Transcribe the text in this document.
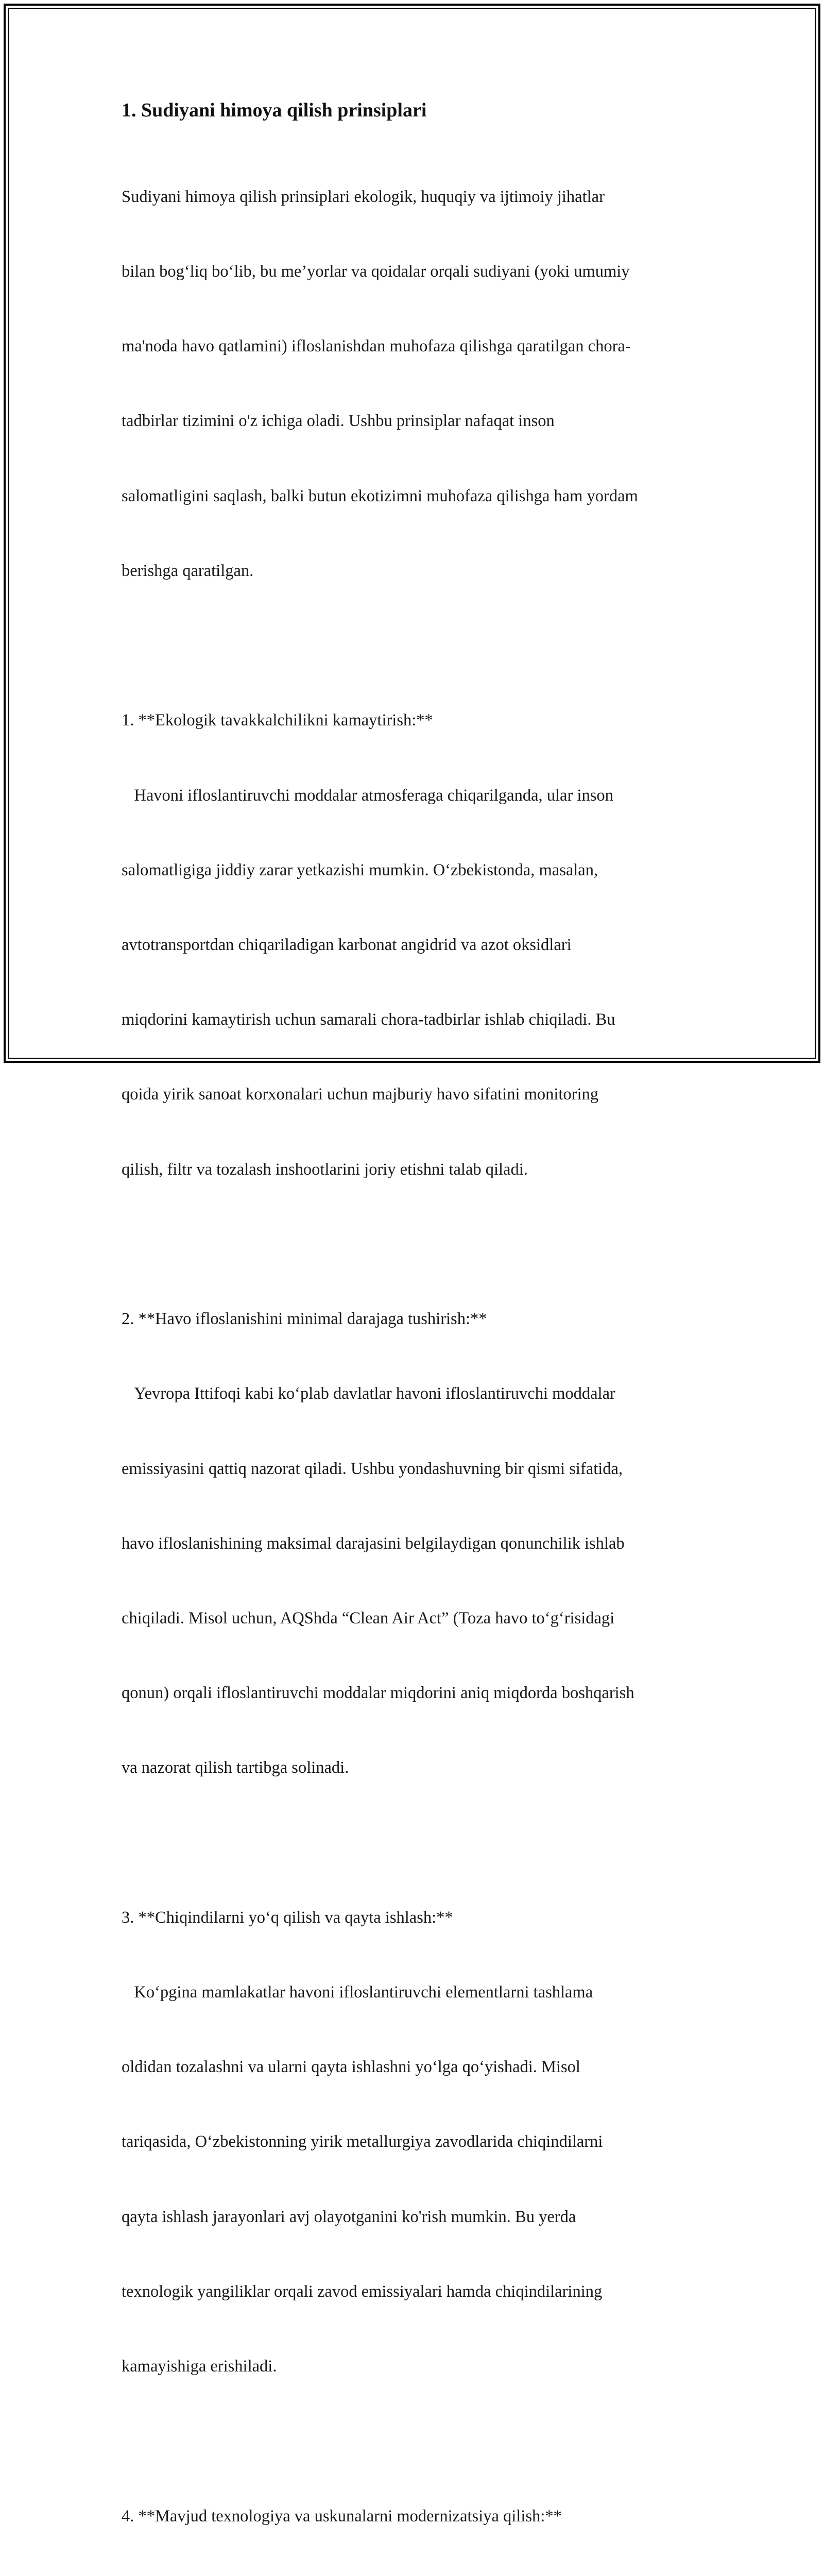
1. Sudiyani himoya qilish prinsiplari

Sudiyani himoya qilish prinsiplari ekologik, huquqiy va ijtimoiy jihatlar

bilan bog‘liq bo‘lib, bu me’yorlar va qoidalar orqali sudiyani (yoki umumiy

ma'noda havo qatlamini) ifloslanishdan muhofaza qilishga qaratilgan chora-

tadbirlar tizimini o'z ichiga oladi. Ushbu prinsiplar nafaqat inson

salomatligini saqlash, balki butun ekotizimni muhofaza qilishga ham yordam

berishga qaratilgan.

1. **Ekologik tavakkalchilikni kamaytirish:**

Havoni ifloslantiruvchi moddalar atmosferaga chiqarilganda, ular inson

salomatligiga jiddiy zarar yetkazishi mumkin. O‘zbekistonda, masalan,

avtotransportdan chiqariladigan karbonat angidrid va azot oksidlari

miqdorini kamaytirish uchun samarali chora-tadbirlar ishlab chiqiladi. Bu

qoida yirik sanoat korxonalari uchun majburiy havo sifatini monitoring

qilish, filtr va tozalash inshootlarini joriy etishni talab qiladi.

2. **Havo ifloslanishini minimal darajaga tushirish:**

Yevropa Ittifoqi kabi ko‘plab davlatlar havoni ifloslantiruvchi moddalar

emissiyasini qattiq nazorat qiladi. Ushbu yondashuvning bir qismi sifatida,

havo ifloslanishining maksimal darajasini belgilaydigan qonunchilik ishlab

chiqiladi. Misol uchun, AQShda “Clean Air Act” (Toza havo to‘g‘risidagi

qonun) orqali ifloslantiruvchi moddalar miqdorini aniq miqdorda boshqarish

va nazorat qilish tartibga solinadi.

3. **Chiqindilarni yo‘q qilish va qayta ishlash:**

Ko‘pgina mamlakatlar havoni ifloslantiruvchi elementlarni tashlama

oldidan tozalashni va ularni qayta ishlashni yo‘lga qo‘yishadi. Misol

tariqasida, O‘zbekistonning yirik metallurgiya zavodlarida chiqindilarni

qayta ishlash jarayonlari avj olayotganini ko'rish mumkin. Bu yerda

texnologik yangiliklar orqali zavod emissiyalari hamda chiqindilarining

kamayishiga erishiladi.

4. **Mavjud texnologiya va uskunalarni modernizatsiya qilish:**
